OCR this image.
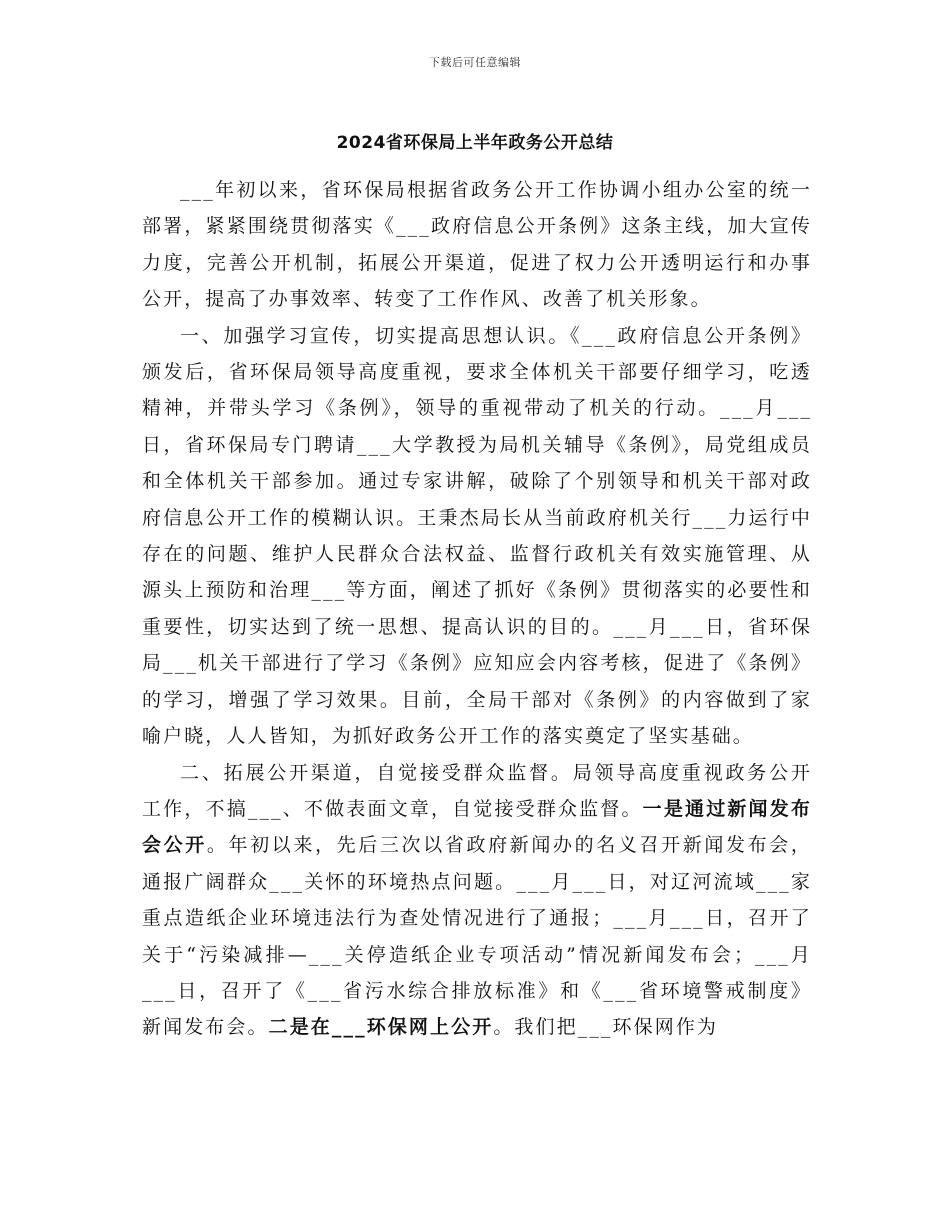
下载后可任意编辑
2024省环保局上半年政务公开总结

___年初以来，省环保局根据省政务公开工作协调小组办公室的统一部署，紧紧围绕贯彻落实《___政府信息公开条例》这条主线，加大宣传力度，完善公开机制，拓展公开渠道，促进了权力公开透明运行和办事公开，提高了办事效率、转变了工作作风、改善了机关形象。

一、加强学习宣传，切实提高思想认识。《___政府信息公开条例》颁发后，省环保局领导高度重视，要求全体机关干部要仔细学习，吃透精神，并带头学习《条例》，领导的重视带动了机关的行动。___月___日，省环保局专门聘请___大学教授为局机关辅导《条例》，局党组成员和全体机关干部参加。通过专家讲解，破除了个别领导和机关干部对政府信息公开工作的模糊认识。王秉杰局长从当前政府机关行___力运行中存在的问题、维护人民群众合法权益、监督行政机关有效实施管理、从源头上预防和治理___等方面，阐述了抓好《条例》贯彻落实的必要性和重要性，切实达到了统一思想、提高认识的目的。___月___日，省环保局___机关干部进行了学习《条例》应知应会内容考核，促进了《条例》的学习，增强了学习效果。目前，全局干部对《条例》的内容做到了家喻户晓，人人皆知，为抓好政务公开工作的落实奠定了坚实基础。

二、拓展公开渠道，自觉接受群众监督。局领导高度重视政务公开工作，不搞___、不做表面文章，自觉接受群众监督。一是通过新闻发布会公开。年初以来，先后三次以省政府新闻办的名义召开新闻发布会，通报广阔群众___关怀的环境热点问题。___月___日，对辽河流域___家重点造纸企业环境违法行为查处情况进行了通报；___月___日，召开了关于“污染减排—___关停造纸企业专项活动”情况新闻发布会；___月___日，召开了《___省污水综合排放标准》和《___省环境警戒制度》新闻发布会。二是在___环保网上公开。我们把___环保网作为
